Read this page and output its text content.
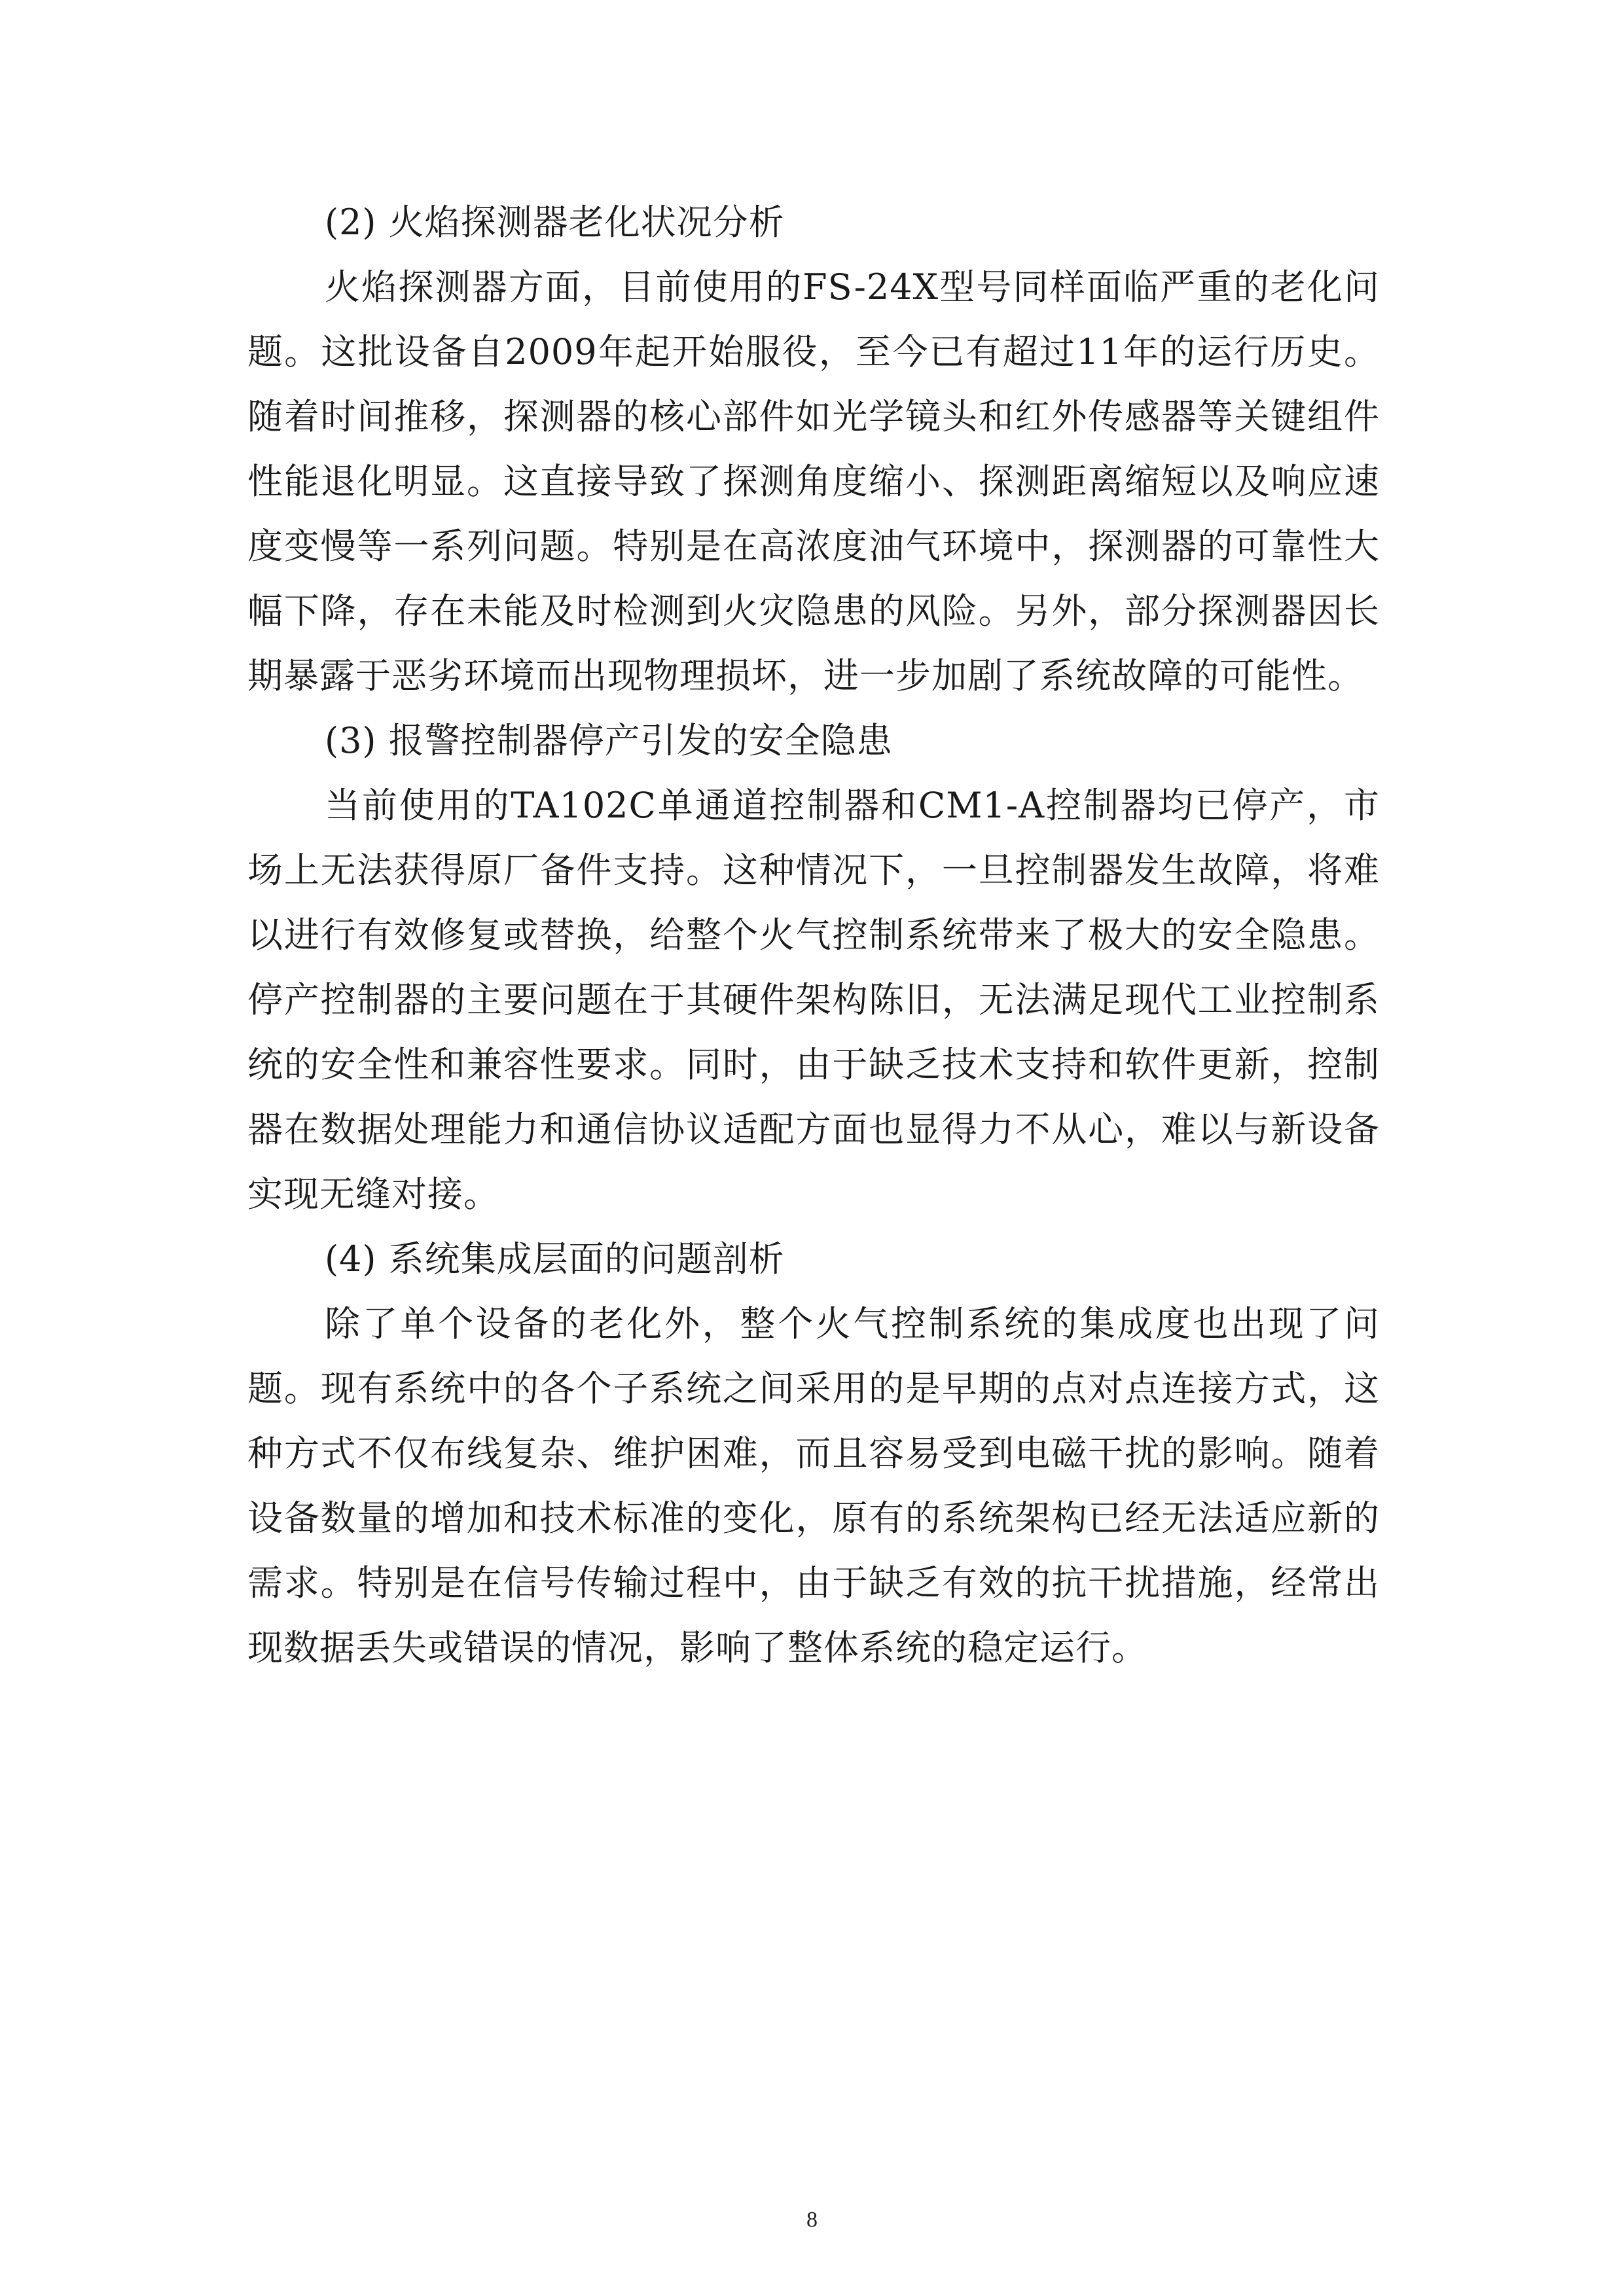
(2) 火焰探测器老化状况分析

火焰探测器方面，目前使用的FS-24X型号同样面临严重的老化问题。这批设备自2009年起开始服役，至今已有超过11年的运行历史。随着时间推移，探测器的核心部件如光学镜头和红外传感器等关键组件性能退化明显。这直接导致了探测角度缩小、探测距离缩短以及响应速度变慢等一系列问题。特别是在高浓度油气环境中，探测器的可靠性大幅下降，存在未能及时检测到火灾隐患的风险。另外，部分探测器因长期暴露于恶劣环境而出现物理损坏，进一步加剧了系统故障的可能性。

(3) 报警控制器停产引发的安全隐患

当前使用的TA102C单通道控制器和CM1-A控制器均已停产，市场上无法获得原厂备件支持。这种情况下，一旦控制器发生故障，将难以进行有效修复或替换，给整个火气控制系统带来了极大的安全隐患。停产控制器的主要问题在于其硬件架构陈旧，无法满足现代工业控制系统的安全性和兼容性要求。同时，由于缺乏技术支持和软件更新，控制器在数据处理能力和通信协议适配方面也显得力不从心，难以与新设备实现无缝对接。

(4) 系统集成层面的问题剖析

除了单个设备的老化外，整个火气控制系统的集成度也出现了问题。现有系统中的各个子系统之间采用的是早期的点对点连接方式，这种方式不仅布线复杂、维护困难，而且容易受到电磁干扰的影响。随着设备数量的增加和技术标准的变化，原有的系统架构已经无法适应新的需求。特别是在信号传输过程中，由于缺乏有效的抗干扰措施，经常出现数据丢失或错误的情况，影响了整体系统的稳定运行。

8
